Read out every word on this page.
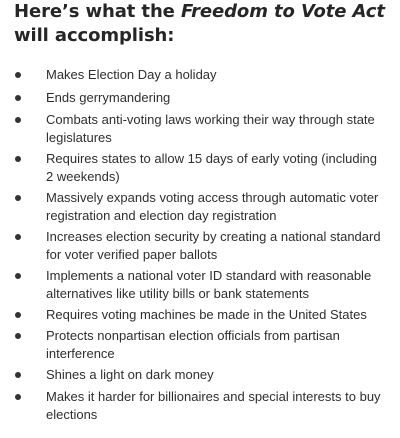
Here’s what the Freedom to Vote Act will accomplish:
Makes Election Day a holiday
Ends gerrymandering
Combats anti-voting laws working their way through state legislatures
Requires states to allow 15 days of early voting (including 2 weekends)
Massively expands voting access through automatic voter registration and election day registration
Increases election security by creating a national standard for voter verified paper ballots
Implements a national voter ID standard with reasonable alternatives like utility bills or bank statements
Requires voting machines be made in the United States
Protects nonpartisan election officials from partisan interference
Shines a light on dark money
Makes it harder for billionaires and special interests to buy elections
